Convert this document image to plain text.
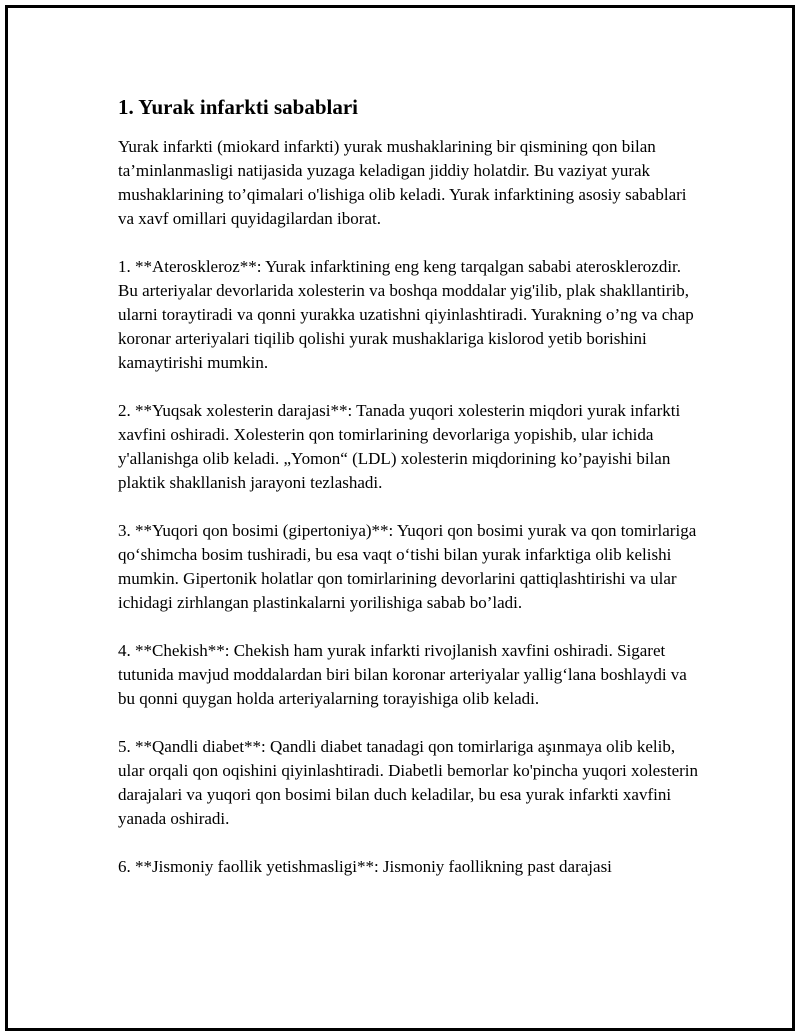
1. Yurak infarkti sabablari

Yurak infarkti (miokard infarkti) yurak mushaklarining bir qismining qon bilan ta’minlanmasligi natijasida yuzaga keladigan jiddiy holatdir. Bu vaziyat yurak mushaklarining to’qimalari o'lishiga olib keladi. Yurak infarktining asosiy sabablari va xavf omillari quyidagilardan iborat.

1. **Ateroskleroz**: Yurak infarktining eng keng tarqalgan sababi aterosklerozdir. Bu arteriyalar devorlarida xolesterin va boshqa moddalar yig'ilib, plak shakllantirib, ularni toraytiradi va qonni yurakka uzatishni qiyinlashtiradi. Yurakning o’ng va chap koronar arteriyalari tiqilib qolishi yurak mushaklariga kislorod yetib borishini kamaytirishi mumkin.

2. **Yuqsak xolesterin darajasi**: Tanada yuqori xolesterin miqdori yurak infarkti xavfini oshiradi. Xolesterin qon tomirlarining devorlariga yopishib, ular ichida y'allanishga olib keladi. „Yomon“ (LDL) xolesterin miqdorining ko’payishi bilan plaktik shakllanish jarayoni tezlashadi.

3. **Yuqori qon bosimi (gipertoniya)**: Yuqori qon bosimi yurak va qon tomirlariga qo‘shimcha bosim tushiradi, bu esa vaqt o‘tishi bilan yurak infarktiga olib kelishi mumkin. Gipertonik holatlar qon tomirlarining devorlarini qattiqlashtirishi va ular ichidagi zirhlangan plastinkalarni yorilishiga sabab bo’ladi.

4. **Chekish**: Chekish ham yurak infarkti rivojlanish xavfini oshiradi. Sigaret tutunida mavjud moddalardan biri bilan koronar arteriyalar yallig‘lana boshlaydi va bu qonni quygan holda arteriyalarning torayishiga olib keladi.

5. **Qandli diabet**: Qandli diabet tanadagi qon tomirlariga aşınmaya olib kelib, ular orqali qon oqishini qiyinlashtiradi. Diabetli bemorlar ko'pincha yuqori xolesterin darajalari va yuqori qon bosimi bilan duch keladilar, bu esa yurak infarkti xavfini yanada oshiradi.

6. **Jismoniy faollik yetishmasligi**: Jismoniy faollikning past darajasi
